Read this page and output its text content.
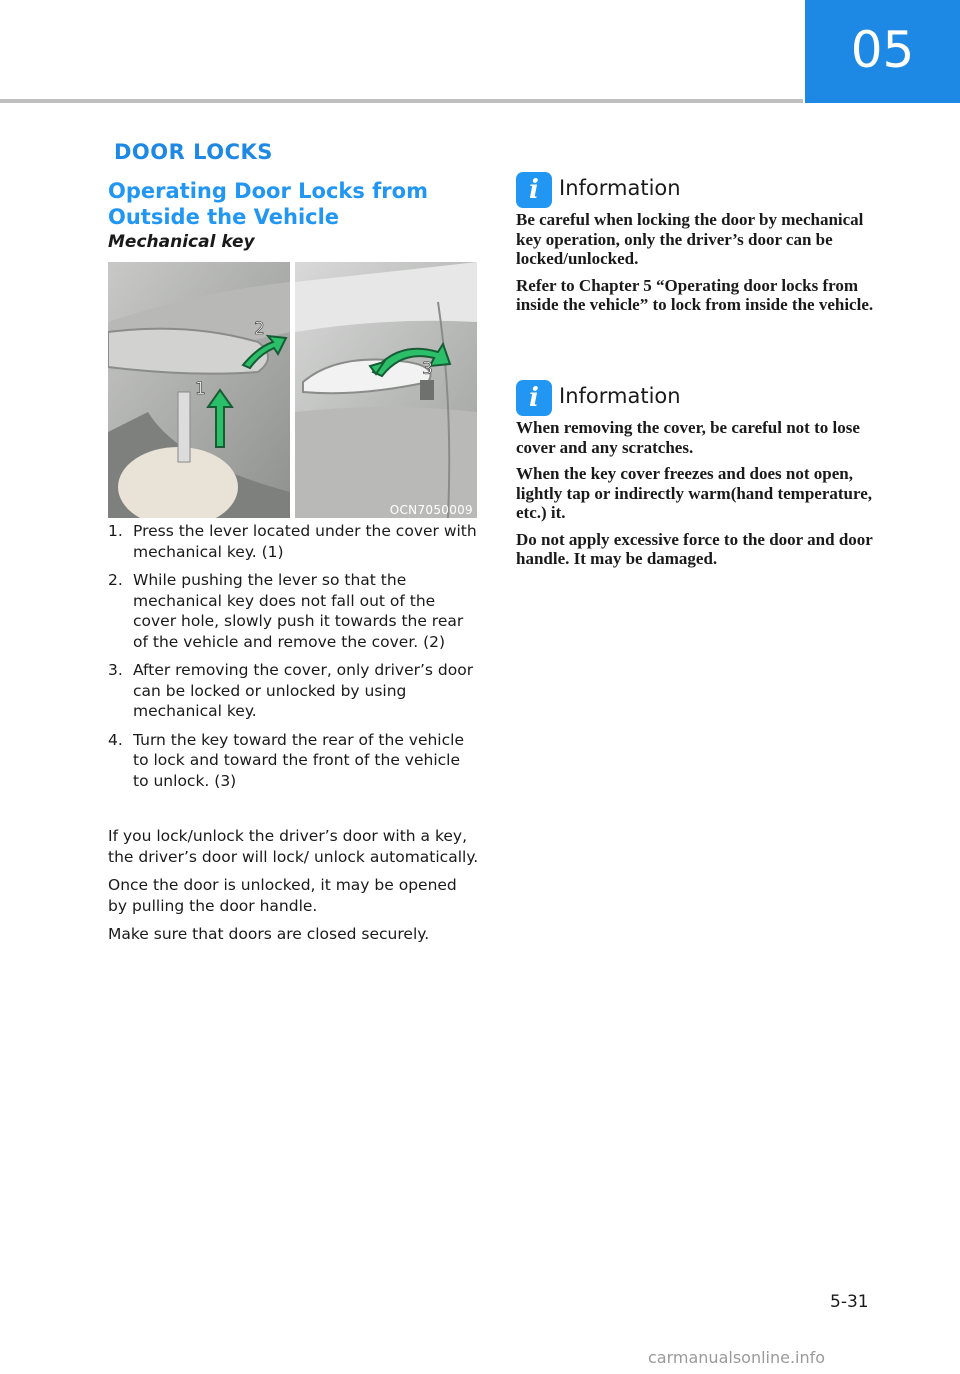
05
DOOR LOCKS
Operating Door Locks from Outside the Vehicle
Mechanical key
2
1
3
OCN7050009
1. Press the lever located under the cover with mechanical key. (1)
2. While pushing the lever so that the mechanical key does not fall out of the cover hole, slowly push it towards the rear of the vehicle and remove the cover. (2)
3. After removing the cover, only driver’s door can be locked or unlocked by using mechanical key.
4. Turn the key toward the rear of the vehicle to lock and toward the front of the vehicle to unlock. (3)

If you lock/unlock the driver’s door with a key, the driver’s door will lock/ unlock automatically.

Once the door is unlocked, it may be opened by pulling the door handle.

Make sure that doors are closed securely.

i Information

Be careful when locking the door by mechanical key operation, only the driver’s door can be locked/unlocked.

Refer to Chapter 5 “Operating door locks from inside the vehicle” to lock from inside the vehicle.

i Information

When removing the cover, be careful not to lose cover and any scratches.

When the key cover freezes and does not open, lightly tap or indirectly warm(hand temperature, etc.) it.

Do not apply excessive force to the door and door handle. It may be damaged.

5-31
carmanualsonline.info
